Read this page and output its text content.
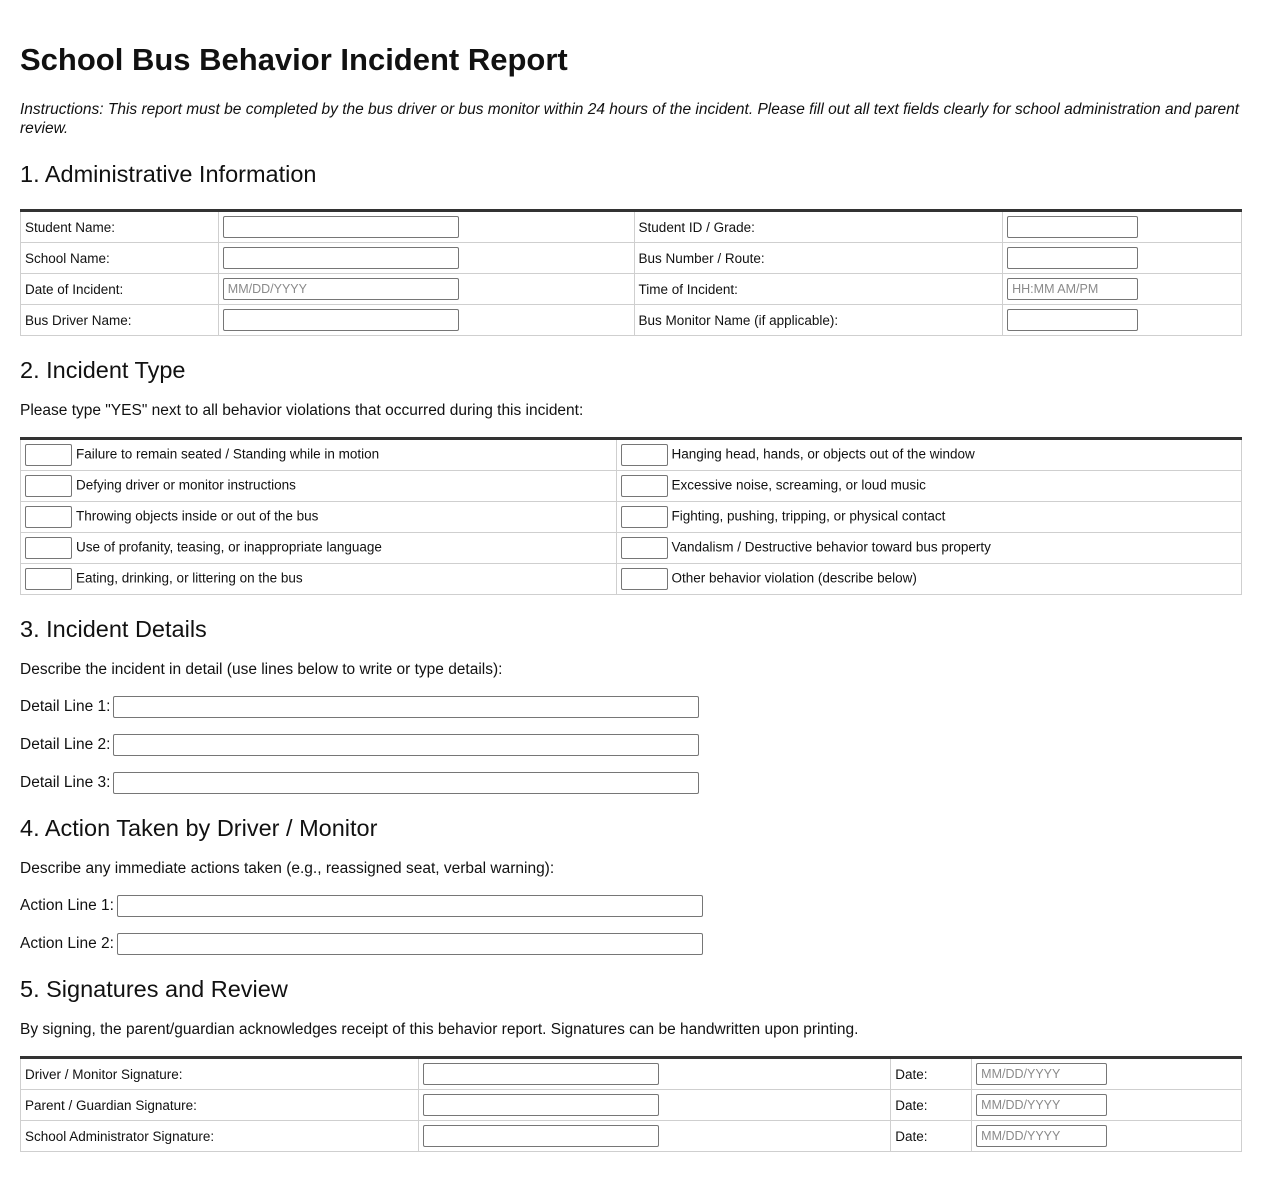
School Bus Behavior Incident Report
Instructions: This report must be completed by the bus driver or bus monitor within 24 hours of the incident. Please fill out all text fields clearly for school administration and parent review.
1. Administrative Information
Student Name:		Student ID / Grade:	
School Name:		Bus Number / Route:	
Date of Incident:	MM/DD/YYYY	Time of Incident:	HH:MM AM/PM
Bus Driver Name:		Bus Monitor Name (if applicable):	
2. Incident Type
Please type "YES" next to all behavior violations that occurred during this incident:
Failure to remain seated / Standing while in motion	Hanging head, hands, or objects out of the window
Defying driver or monitor instructions	Excessive noise, screaming, or loud music
Throwing objects inside or out of the bus	Fighting, pushing, tripping, or physical contact
Use of profanity, teasing, or inappropriate language	Vandalism / Destructive behavior toward bus property
Eating, drinking, or littering on the bus	Other behavior violation (describe below)
3. Incident Details
Describe the incident in detail (use lines below to write or type details):
Detail Line 1:
Detail Line 2:
Detail Line 3:
4. Action Taken by Driver / Monitor
Describe any immediate actions taken (e.g., reassigned seat, verbal warning):
Action Line 1:
Action Line 2:
5. Signatures and Review
By signing, the parent/guardian acknowledges receipt of this behavior report. Signatures can be handwritten upon printing.
Driver / Monitor Signature:		Date:	MM/DD/YYYY
Parent / Guardian Signature:		Date:	MM/DD/YYYY
School Administrator Signature:		Date:	MM/DD/YYYY
